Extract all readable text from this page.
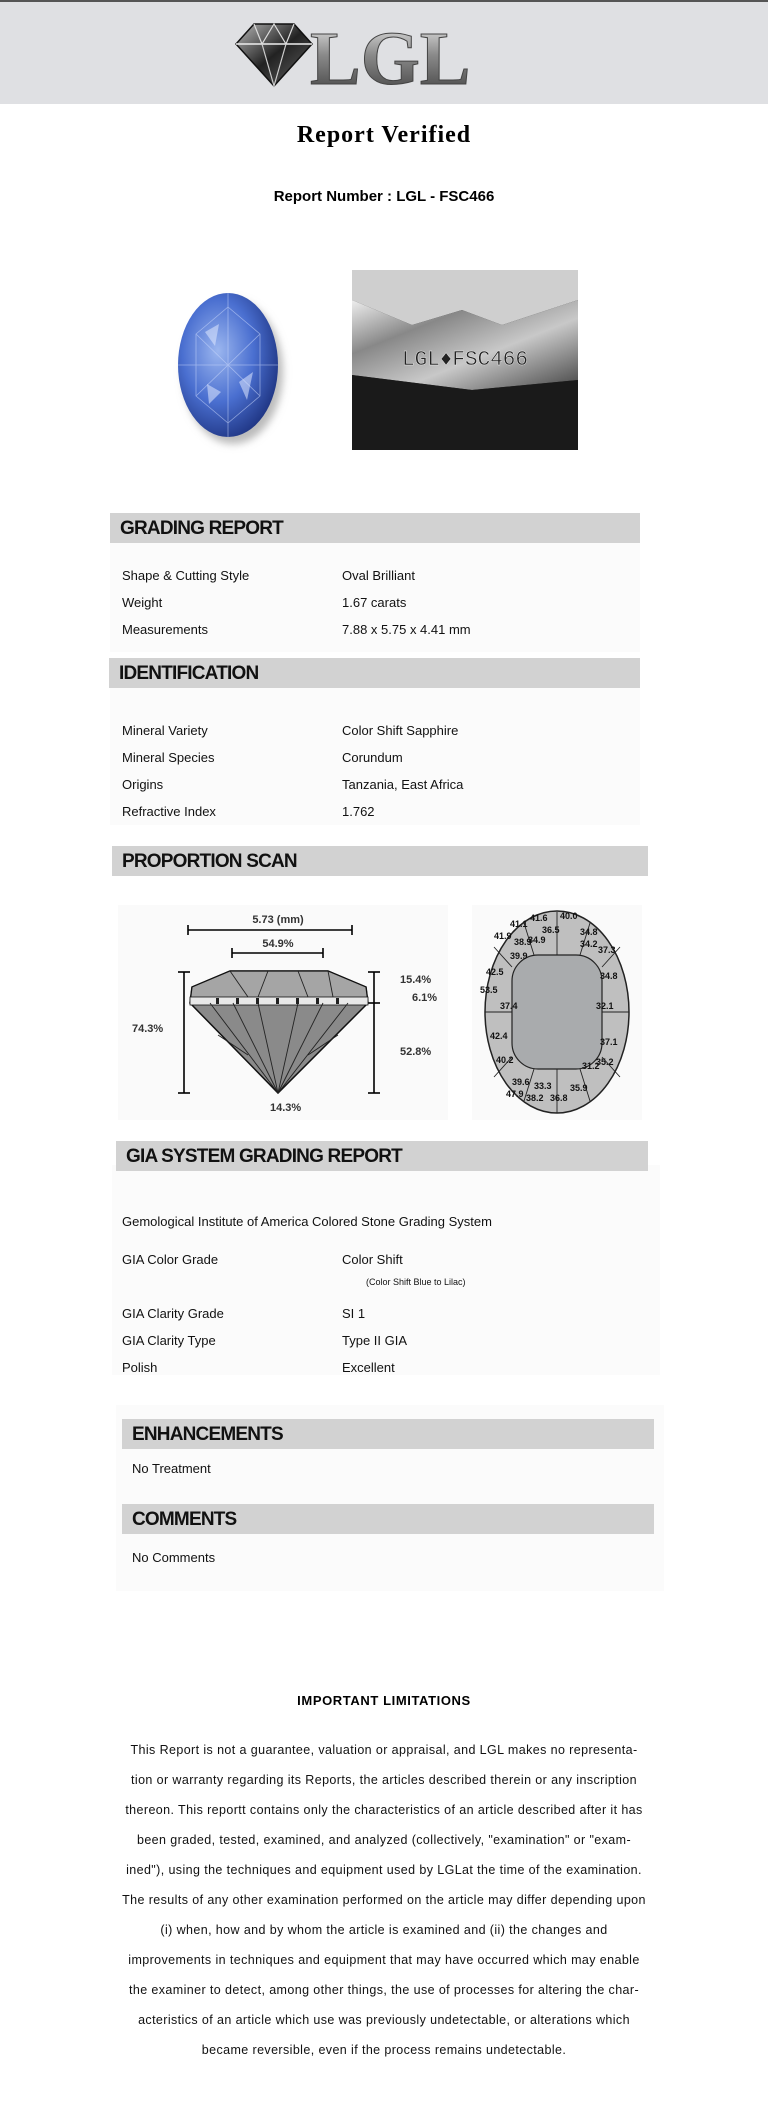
LGL
Report Verified
Report Number : LGL - FSC466
LGL♦FSC466
GRADING REPORT
Shape & Cutting Style	Oval Brilliant
Weight	1.67 carats
Measurements	7.88 x 5.75 x 4.41 mm
IDENTIFICATION
Mineral Variety	Color Shift Sapphire
Mineral Species	Corundum
Origins	Tanzania, East Africa
Refractive Index	1.762
PROPORTION SCAN
5.73 (mm)
54.9%
74.3%
15.4%
6.1%
52.8%
14.3%
41.6 40.0
41.1
36.5 34.8
41.9
38.9
34.9
39.9
34.2
37.3
42.5
53.5
34.8
37.4	32.1
42.4
37.1
40.2	35.2
31.2
39.6 33.3
47.9 38.2 36.8
35.9
GIA SYSTEM GRADING REPORT
Gemological Institute of America Colored Stone Grading System
GIA Color Grade	Color Shift
(Color Shift Blue to Lilac)
GIA Clarity Grade	SI 1
GIA Clarity Type	Type II GIA
Polish	Excellent
ENHANCEMENTS
No Treatment
COMMENTS
No Comments
IMPORTANT LIMITATIONS
This Report is not a guarantee, valuation or appraisal, and LGL makes no representa- tion or warranty regarding its Reports, the articles described therein or any inscription thereon. This reportt contains only the characteristics of an article described after it has been graded, tested, examined, and analyzed (collectively, "examination" or "exam- ined"), using the techniques and equipment used by LGLat the time of the examination. The results of any other examination performed on the article may differ depending upon (i) when, how and by whom the article is examined and (ii) the changes and improvements in techniques and equipment that may have occurred which may enable the examiner to detect, among other things, the use of processes for altering the char- acteristics of an article which use was previously undetectable, or alterations which became reversible, even if the process remains undetectable.
